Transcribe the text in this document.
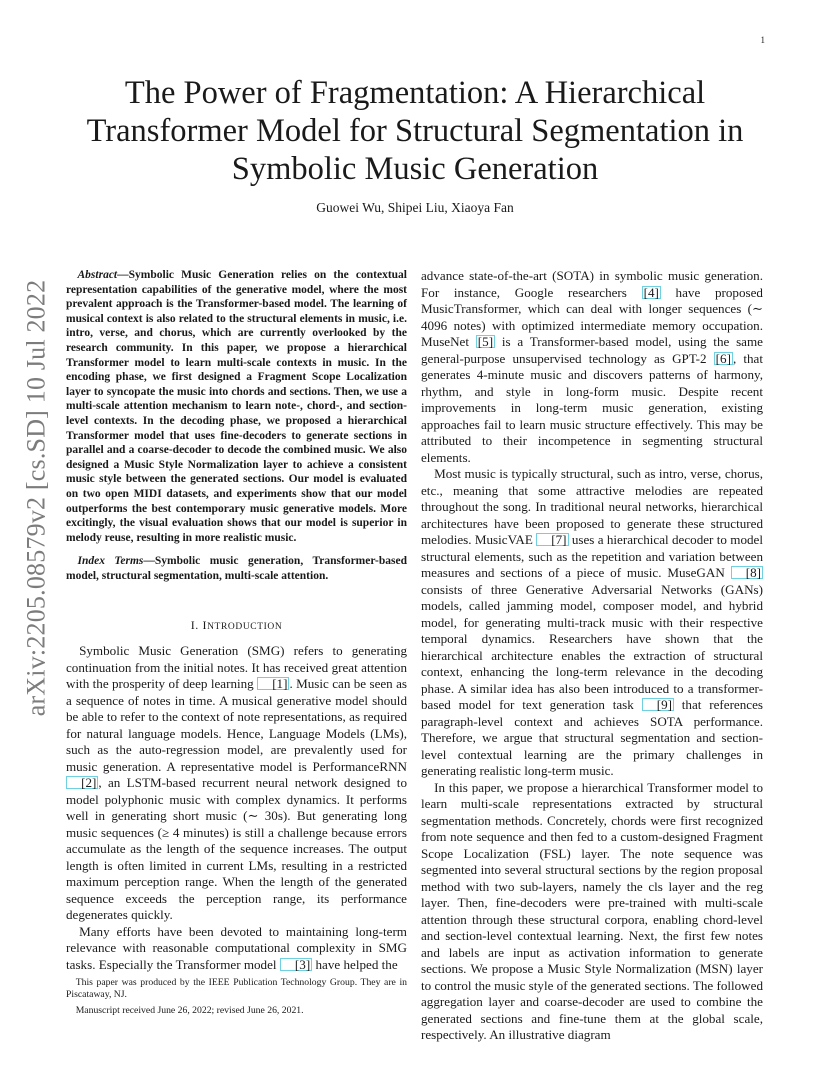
1
arXiv:2205.08579v2 [cs.SD] 10 Jul 2022
The Power of Fragmentation: A Hierarchical Transformer Model for Structural Segmentation in Symbolic Music Generation
Guowei Wu, Shipei Liu, Xiaoya Fan

Abstract—Symbolic Music Generation relies on the contextual representation capabilities of the generative model, where the most prevalent approach is the Transformer-based model. The learning of musical context is also related to the structural elements in music, i.e. intro, verse, and chorus, which are currently overlooked by the research community. In this paper, we propose a hierarchical Transformer model to learn multi-scale contexts in music. In the encoding phase, we first designed a Fragment Scope Localization layer to syncopate the music into chords and sections. Then, we use a multi-scale attention mechanism to learn note-, chord-, and section-level contexts. In the decoding phase, we proposed a hierarchical Transformer model that uses fine-decoders to generate sections in parallel and a coarse-decoder to decode the combined music. We also designed a Music Style Normalization layer to achieve a consistent music style between the generated sections. Our model is evaluated on two open MIDI datasets, and experiments show that our model outperforms the best contemporary music generative models. More excitingly, the visual evaluation shows that our model is superior in melody reuse, resulting in more realistic music.

Index Terms—Symbolic music generation, Transformer-based model, structural segmentation, multi-scale attention.

I. INTRODUCTION

Symbolic Music Generation (SMG) refers to generating continuation from the initial notes. It has received great attention with the prosperity of deep learning [1] . Music can be seen as a sequence of notes in time. A musical generative model should be able to refer to the context of note representations, as required for natural language models. Hence, Language Models (LMs), such as the auto-regression model, are prevalently used for music generation. A representative model is PerformanceRNN [2] , an LSTM-based recurrent neural network designed to model polyphonic music with complex dynamics. It performs well in generating short music (∼ 30s). But generating long music sequences (≥ 4 minutes) is still a challenge because errors accumulate as the length of the sequence increases. The output length is often limited in current LMs, resulting in a restricted maximum perception range. When the length of the generated sequence exceeds the perception range, its performance degenerates quickly.

Many efforts have been devoted to maintaining long-term relevance with reasonable computational complexity in SMG tasks. Especially the Transformer model [3] have helped the

This paper was produced by the IEEE Publication Technology Group. They are in Piscataway, NJ.

Manuscript received June 26, 2022; revised June 26, 2021.

advance state-of-the-art (SOTA) in symbolic music generation. For instance, Google researchers [4] have proposed MusicTransformer, which can deal with longer sequences (∼ 4096 notes) with optimized intermediate memory occupation. MuseNet [5] is a Transformer-based model, using the same general-purpose unsupervised technology as GPT-2 [6] , that generates 4-minute music and discovers patterns of harmony, rhythm, and style in long-form music. Despite recent improvements in long-term music generation, existing approaches fail to learn music structure effectively. This may be attributed to their incompetence in segmenting structural elements.

Most music is typically structural, such as intro, verse, chorus, etc., meaning that some attractive melodies are repeated throughout the song. In traditional neural networks, hierarchical architectures have been proposed to generate these structured melodies. MusicVAE [7] uses a hierarchical decoder to model structural elements, such as the repetition and variation between measures and sections of a piece of music. MuseGAN [8] consists of three Generative Adversarial Networks (GANs) models, called jamming model, composer model, and hybrid model, for generating multi-track music with their respective temporal dynamics. Researchers have shown that the hierarchical architecture enables the extraction of structural context, enhancing the long-term relevance in the decoding phase. A similar idea has also been introduced to a transformer-based model for text generation task [9] that references paragraph-level context and achieves SOTA performance. Therefore, we argue that structural segmentation and section-level contextual learning are the primary challenges in generating realistic long-term music.

In this paper, we propose a hierarchical Transformer model to learn multi-scale representations extracted by structural segmentation methods. Concretely, chords were first recognized from note sequence and then fed to a custom-designed Fragment Scope Localization (FSL) layer. The note sequence was segmented into several structural sections by the region proposal method with two sub-layers, namely the cls layer and the reg layer. Then, fine-decoders were pre-trained with multi-scale attention through these structural corpora, enabling chord-level and section-level contextual learning. Next, the first few notes and labels are input as activation information to generate sections. We propose a Music Style Normalization (MSN) layer to control the music style of the generated sections. The followed aggregation layer and coarse-decoder are used to combine the generated sections and fine-tune them at the global scale, respectively. An illustrative diagram
